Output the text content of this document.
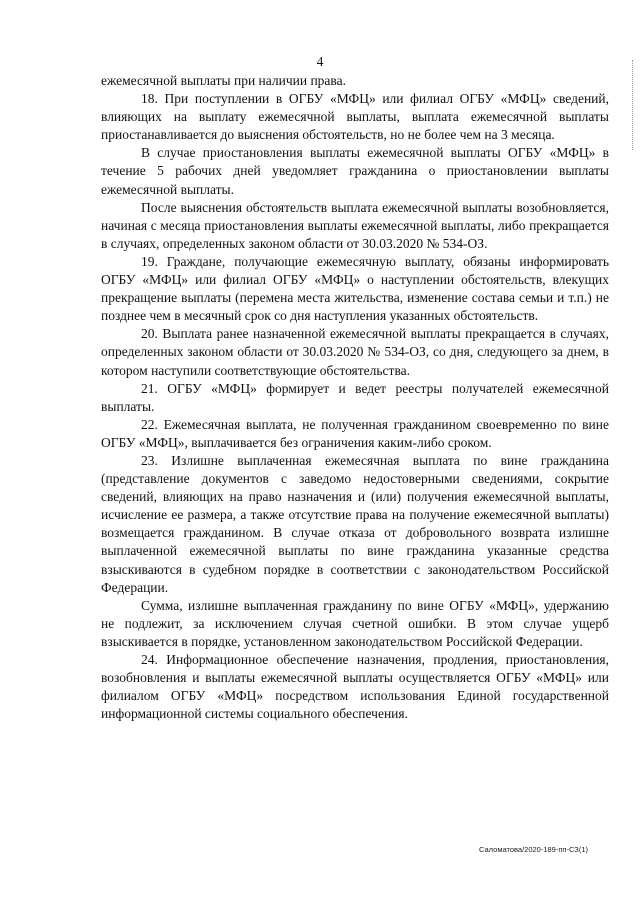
4

ежемесячной выплаты при наличии права.

18. При поступлении в ОГБУ «МФЦ» или филиал ОГБУ «МФЦ» сведений, влияющих на выплату ежемесячной выплаты, выплата ежемесячной выплаты приостанавливается до выяснения обстоятельств, но не более чем на 3 месяца.

В случае приостановления выплаты ежемесячной выплаты ОГБУ «МФЦ» в течение 5 рабочих дней уведомляет гражданина о приостановлении выплаты ежемесячной выплаты.

После выяснения обстоятельств выплата ежемесячной выплаты возобновляется, начиная с месяца приостановления выплаты ежемесячной выплаты, либо прекращается в случаях, определенных законом области от 30.03.2020 № 534-ОЗ.

19. Граждане, получающие ежемесячную выплату, обязаны информировать ОГБУ «МФЦ» или филиал ОГБУ «МФЦ» о наступлении обстоятельств, влекущих прекращение выплаты (перемена места жительства, изменение состава семьи и т.п.) не позднее чем в месячный срок со дня наступления указанных обстоятельств.

20. Выплата ранее назначенной ежемесячной выплаты прекращается в случаях, определенных законом области от 30.03.2020 № 534-ОЗ, со дня, следующего за днем, в котором наступили соответствующие обстоятельства.

21. ОГБУ «МФЦ» формирует и ведет реестры получателей ежемесячной выплаты.

22. Ежемесячная выплата, не полученная гражданином своевременно по вине ОГБУ «МФЦ», выплачивается без ограничения каким-либо сроком.

23. Излишне выплаченная ежемесячная выплата по вине гражданина (представление документов с заведомо недостоверными сведениями, сокрытие сведений, влияющих на право назначения и (или) получения ежемесячной выплаты, исчисление ее размера, а также отсутствие права на получение ежемесячной выплаты) возмещается гражданином. В случае отказа от добровольного возврата излишне выплаченной ежемесячной выплаты по вине гражданина указанные средства взыскиваются в судебном порядке в соответствии с законодательством Российской Федерации.

Сумма, излишне выплаченная гражданину по вине ОГБУ «МФЦ», удержанию не подлежит, за исключением случая счетной ошибки. В этом случае ущерб взыскивается в порядке, установленном законодательством Российской Федерации.

24. Информационное обеспечение назначения, продления, приостановления, возобновления и выплаты ежемесячной выплаты осуществляется ОГБУ «МФЦ» или филиалом ОГБУ «МФЦ» посредством использования Единой государственной информационной системы социального обеспечения.

Саломатова/2020-189-пп-СЗ(1)
